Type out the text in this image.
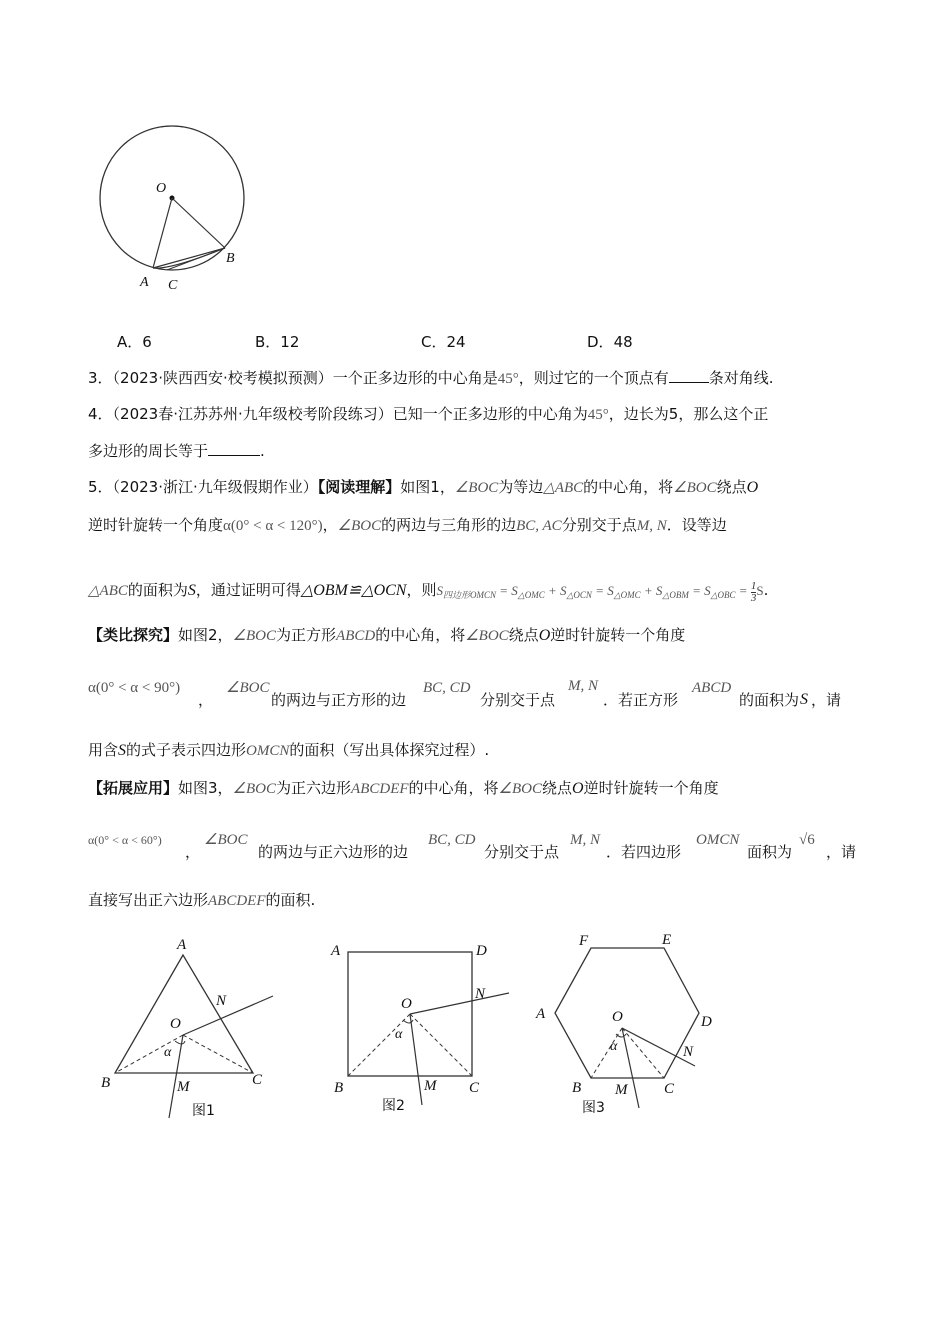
O
A
B
C
A．6	B．12	C．24	D．48
3．（2023·陕西西安·校考模拟预测）一个正多边形的中心角是45°，则过它的一个顶点有	条对角线.
4．（2023春·江苏苏州·九年级校考阶段练习）已知一个正多边形的中心角为45°，边长为5，那么这个正
多边形的周长等于	.
5．（2023·浙江·九年级假期作业）【阅读理解】如图1，∠BOC为等边△ABC的中心角，将∠BOC绕点O
逆时针旋转一个角度α(0° < α < 120°)，∠BOC的两边与三角形的边BC, AC分别交于点M, N．设等边
△ABC的面积为S，通过证明可得△OBM≌△OCN，则$S_{四边形OMCN} = S_{\triangle OMC} + S_{\triangle OCN} = S_{\triangle OMC} + S_{\triangle OBM} = S_{\triangle OBC} = \frac{1}{3} S$.
【类比探究】如图2，∠BOC为正方形ABCD的中心角，将∠BOC绕点O逆时针旋转一个角度
α(0° < α < 90°)
，
∠BOC
的两边与正方形的边
BC, CD
分别交于点
M, N
．若正方形
ABCD
的面积为 S ，请
用含S的式子表示四边形OMCN的面积（写出具体探究过程）.
【拓展应用】如图3，∠BOC为正六边形ABCDEF的中心角，将∠BOC绕点O逆时针旋转一个角度
α(0° < α < 60°)
，
∠BOC
的两边与正六边形的边
BC, CD
分别交于点
M, N
．若四边形
OMCN
面积为
√6
，请
直接写出正六边形ABCDEF的面积.
A
B	C
O
M
N
α
图1
A	D
B	C
O
N
M
α
图2
F	E
A	D
B	C
M
N
O
α
图3
